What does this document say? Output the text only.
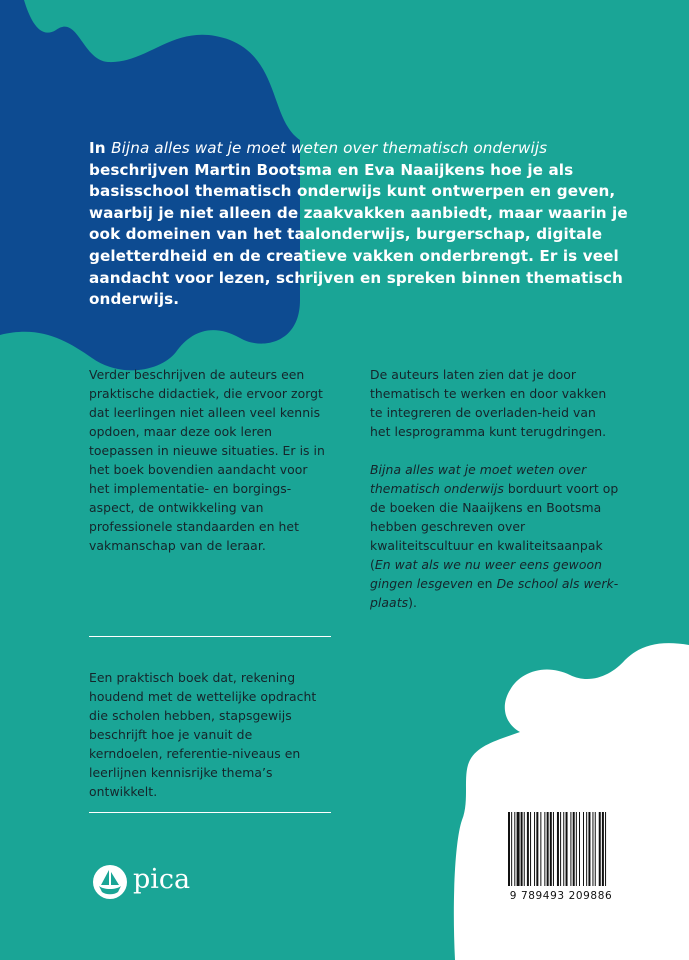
In Bijna alles wat je moet weten over thematisch onderwijs beschrijven Martin Bootsma en Eva Naaijkens hoe je als basisschool thematisch onderwijs kunt ontwerpen en geven, waarbij je niet alleen de zaakvakken aanbiedt, maar waarin je ook domeinen van het taalonderwijs, burgerschap, digitale geletterdheid en de creatieve vakken onderbrengt. Er is veel aandacht voor lezen, schrijven en spreken binnen thematisch onderwijs.

Verder beschrijven de auteurs een praktische didactiek, die ervoor zorgt dat leerlingen niet alleen veel kennis opdoen, maar deze ook leren toepassen in nieuwe situaties. Er is in het boek bovendien aandacht voor het implementatie- en borgings-aspect, de ontwikkeling van professionele standaarden en het vakmanschap van de leraar.

De auteurs laten zien dat je door thematisch te werken en door vakken te integreren de overladen-heid van het lesprogramma kunt terugdringen.

Bijna alles wat je moet weten over thematisch onderwijs borduurt voort op de boeken die Naaijkens en Bootsma hebben geschreven over kwaliteitscultuur en kwaliteitsaanpak (En wat als we nu weer eens gewoon gingen lesgeven en De school als werk-plaats).

Een praktisch boek dat, rekening houdend met de wettelijke opdracht die scholen hebben, stapsgewijs beschrijft hoe je vanuit de kerndoelen, referentie-niveaus en leerlijnen kennisrijke thema’s ontwikkelt.

pica
9 789493 209886
